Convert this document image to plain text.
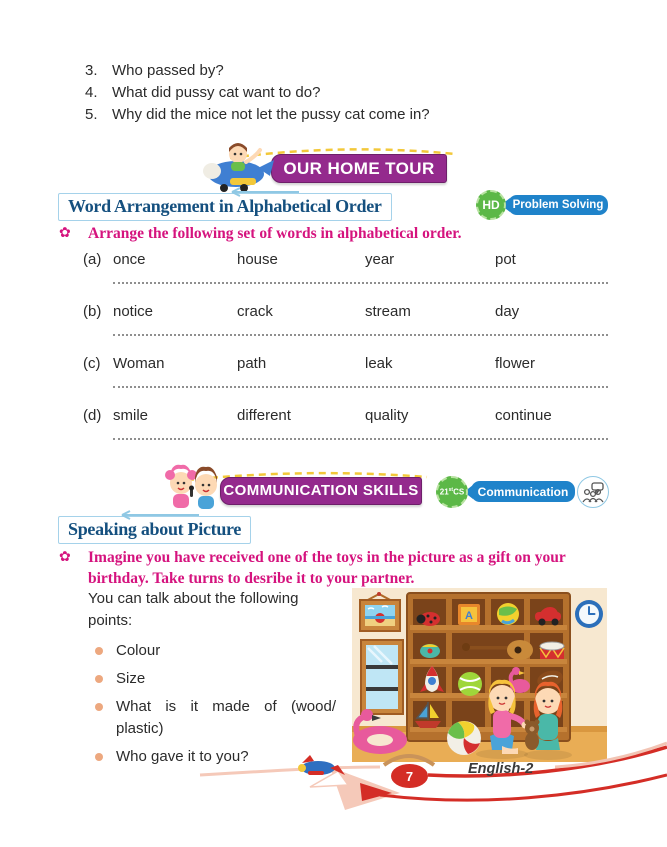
3. Who passed by?
4. What did pussy cat want to do?
5. Why did the mice not let the pussy cat come in?
OUR HOME TOUR
Word Arrangement in Alphabetical Order	HD Problem Solving
✿ Arrange the following set of words in alphabetical order.
(a) once	house	year	pot
(b) notice	crack	stream	day
(c) Woman	path	leak	flower
(d) smile	different	quality	continue
COMMUNICATION SKILLS	21stCS Communication
Speaking about Picture
✿ Imagine you have received one of the toys in the picture as a gift on your birthday. Take turns to desribe it to your partner.
You can talk about the following points:
Colour
Size
What is it made of (wood/ plastic)
Who gave it to you?
A
7	English-2
